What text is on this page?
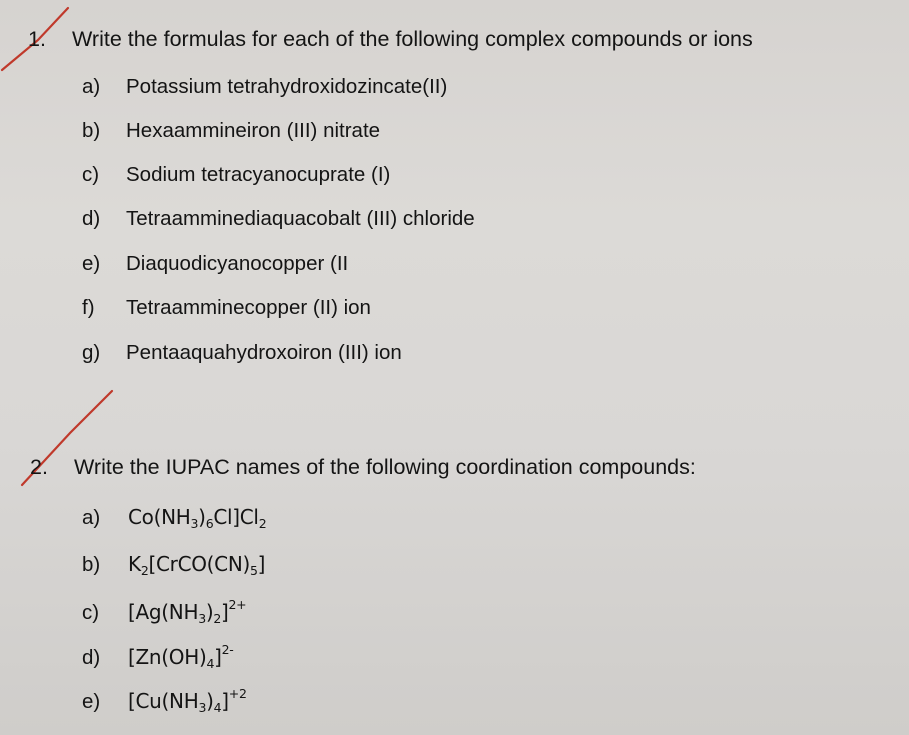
1. Write the formulas for each of the following complex compounds or ions
a) Potassium tetrahydroxidozincate(II)
b) Hexaammineiron (III) nitrate
c) Sodium tetracyanocuprate (I)
d) Tetraamminediaquacobalt (III) chloride
e) Diaquodicyanocopper (II
f) Tetraamminecopper (II) ion
g) Pentaaquahydroxoiron (III) ion
2. Write the IUPAC names of the following coordination compounds:
a) $Co(NH_3)_6Cl]Cl_2$
b) $K_2[CrCO(CN)_5]$
c) $[Ag(NH_3)_2]^{2+}$
d) $[Zn(OH)_4]^{2-}$
e) $[Cu(NH_3)_4]^{+2}$
